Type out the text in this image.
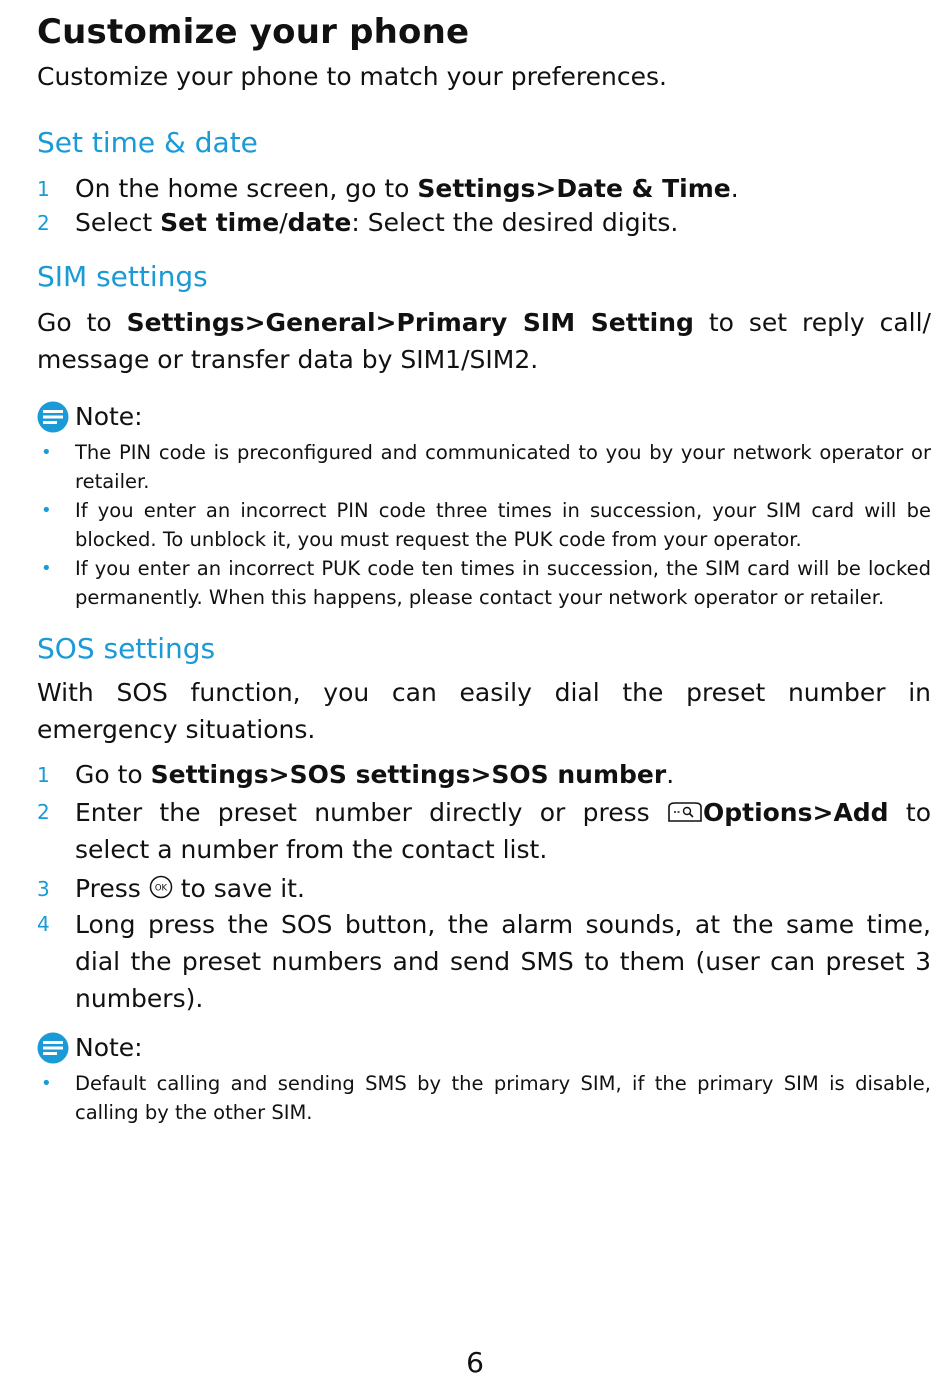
Customize your phone

Customize your phone to match your preferences.

Set time & date
1 On the home screen, go to Settings>Date & Time.
2 Select Set time/date: Select the desired digits.
SIM settings

Go to Settings>General>Primary SIM Setting to set reply call/ message or transfer data by SIM1/SIM2.

Note:
• The PIN code is preconfigured and communicated to you by your network operator or retailer.
• If you enter an incorrect PIN code three times in succession, your SIM card will be blocked. To unblock it, you must request the PUK code from your operator.
• If you enter an incorrect PUK code ten times in succession, the SIM card will be locked permanently. When this happens, please contact your network operator or retailer.
SOS settings

With SOS function, you can easily dial the preset number in emergency situations.

1 Go to Settings>SOS settings>SOS number.
2 Enter the preset number directly or press Options>Add to select a number from the contact list.
3 Press OK to save it.
4 Long press the SOS button, the alarm sounds, at the same time, dial the preset numbers and send SMS to them (user can preset 3 numbers).
Note:
• Default calling and sending SMS by the primary SIM, if the primary SIM is disable, calling by the other SIM.
6
